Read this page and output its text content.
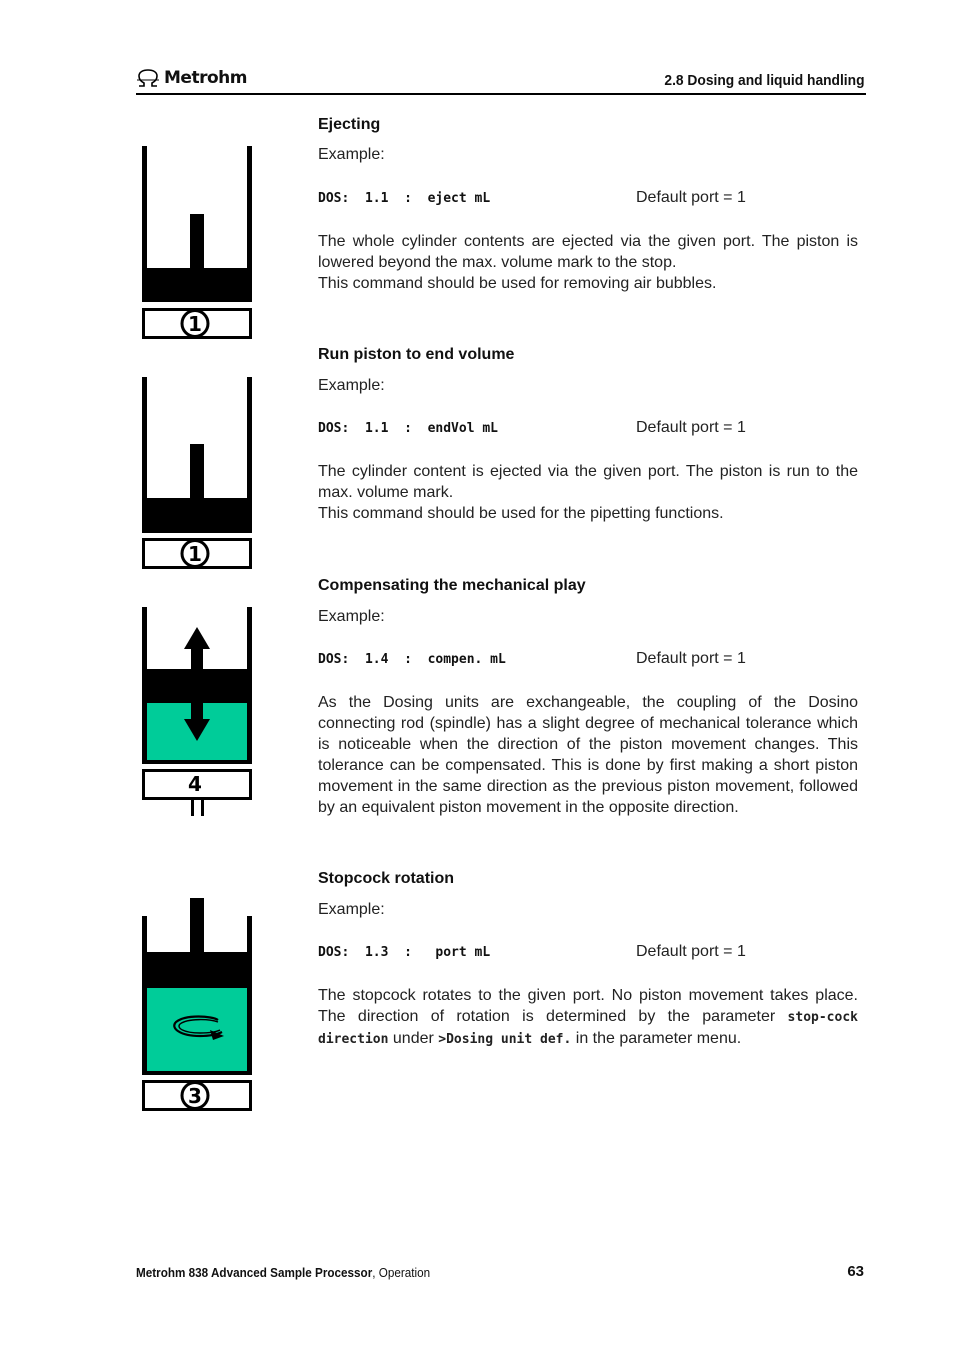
Metrohm	2.8 Dosing and liquid handling
Ejecting
Example:
DOS:  1.1  :  eject mL	Default port = 1

The whole cylinder contents are ejected via the given port. The piston is lowered beyond the max. volume mark to the stop.

This command should be used for removing air bubbles.

1
Run piston to end volume
Example:
DOS:  1.1  :  endVol mL	Default port = 1

The cylinder content is ejected via the given port. The piston is run to the max. volume mark.

This command should be used for the pipetting functions.

1
Compensating the mechanical play
Example:
DOS:  1.4  :  compen. mL	Default port = 1

As the Dosing units are exchangeable, the coupling of the Dosino connecting rod (spindle) has a slight degree of mechanical tolerance which is noticeable when the direction of the piston movement changes. This tolerance can be compensated. This is done by first making a short piston movement in the same direction as the previous piston movement, followed by an equivalent piston movement in the opposite direction.

4
Stopcock rotation
Example:
DOS:  1.3  :   port mL	Default port = 1

The stopcock rotates to the given port. No piston movement takes place. The direction of rotation is determined by the parameter stop-cock direction under >Dosing unit def. in the parameter menu.

3
Metrohm 838 Advanced Sample Processor, Operation	63
